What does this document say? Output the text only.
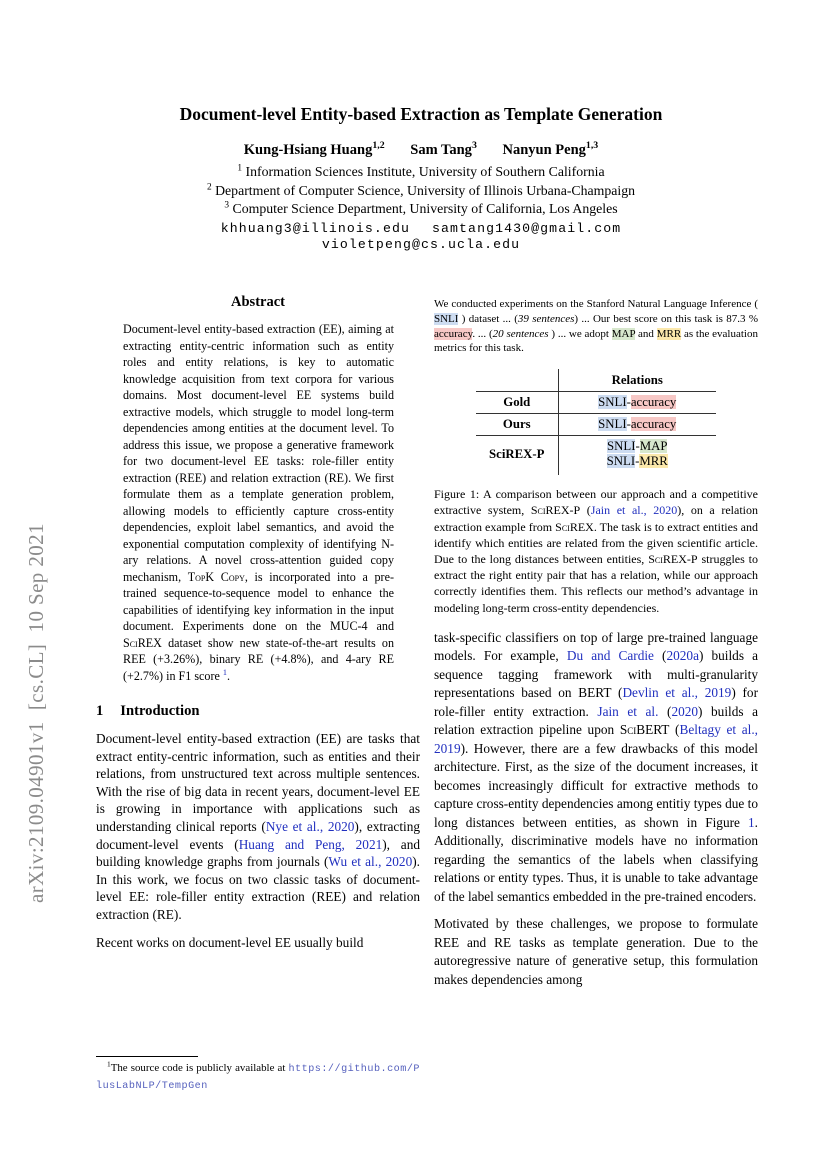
arXiv:2109.04901v1  [cs.CL]  10 Sep 2021
Document-level Entity-based Extraction as Template Generation
Kung-Hsiang Huang$^{1,2}$ Sam Tang$^3$ Nanyun Peng$^{1,3}$
$^1$ Information Sciences Institute, University of Southern California
$^2$ Department of Computer Science, University of Illinois Urbana-Champaign
$^3$ Computer Science Department, University of California, Los Angeles
khhuang3@illinois.edu samtang1430@gmail.com
violetpeng@cs.ucla.edu
Abstract
Document-level entity-based extraction (EE), aiming at extracting entity-centric information such as entity roles and entity relations, is key to automatic knowledge acquisition from text corpora for various domains. Most document-level EE systems build extractive models, which struggle to model long-term dependencies among entities at the document level. To address this issue, we propose a generative framework for two document-level EE tasks: role-filler entity extraction (REE) and relation extraction (RE). We first formulate them as a template generation problem, allowing models to efficiently capture cross-entity dependencies, exploit label semantics, and avoid the exponential computation complexity of identifying N-ary relations. A novel cross-attention guided copy mechanism, TopK Copy, is incorporated into a pre-trained sequence-to-sequence model to enhance the capabilities of identifying key information in the input document. Experiments done on the MUC-4 and SciREX dataset show new state-of-the-art results on REE (+3.26%), binary RE (+4.8%), and 4-ary RE (+2.7%) in F1 score $^1$.
1 Introduction
Document-level entity-based extraction (EE) are tasks that extract entity-centric information, such as entities and their relations, from unstructured text across multiple sentences. With the rise of big data in recent years, document-level EE is growing in importance with applications such as understanding clinical reports (Nye et al., 2020), extracting document-level events (Huang and Peng, 2021), and building knowledge graphs from journals (Wu et al., 2020). In this work, we focus on two classic tasks of document-level EE: role-filler entity extraction (REE) and relation extraction (RE).
Recent works on document-level EE usually build
$^1$The source code is publicly available at https://github.com/PlusLabNLP/TempGen
We conducted experiments on the Stanford Natural Language Inference ( SNLI ) dataset ... (39 sentences) ... Our best score on this task is 87.3 % accuracy. ... (20 sentences ) ... we adopt MAP and MRR as the evaluation metrics for this task.
	Relations
Gold	SNLI-accuracy
Ours	SNLI-accuracy
SciREX-P	SNLI-MAP
SNLI-MRR
Figure 1: A comparison between our approach and a competitive extractive system, SciREX-P (Jain et al., 2020), on a relation extraction example from SciREX. The task is to extract entities and identify which entities are related from the given scientific article. Due to the long distances between entities, SciREX-P struggles to extract the right entity pair that has a relation, while our approach correctly identifies them. This reflects our method’s advantage in modeling long-term cross-entity dependencies.
task-specific classifiers on top of large pre-trained language models. For example, Du and Cardie (2020a) builds a sequence tagging framework with multi-granularity representations based on BERT (Devlin et al., 2019) for role-filler entity extraction. Jain et al. (2020) builds a relation extraction pipeline upon SciBERT (Beltagy et al., 2019). However, there are a few drawbacks of this model architecture. First, as the size of the document increases, it becomes increasingly difficult for extractive methods to capture cross-entity dependencies among entitiy types due to long distances between entities, as shown in Figure 1. Additionally, discriminative models have no information regarding the semantics of the labels when classifying relations or entity types. Thus, it is unable to take advantage of the label semantics embedded in the pre-trained encoders.
Motivated by these challenges, we propose to formulate REE and RE tasks as template generation. Due to the autoregressive nature of generative setup, this formulation makes dependencies among
